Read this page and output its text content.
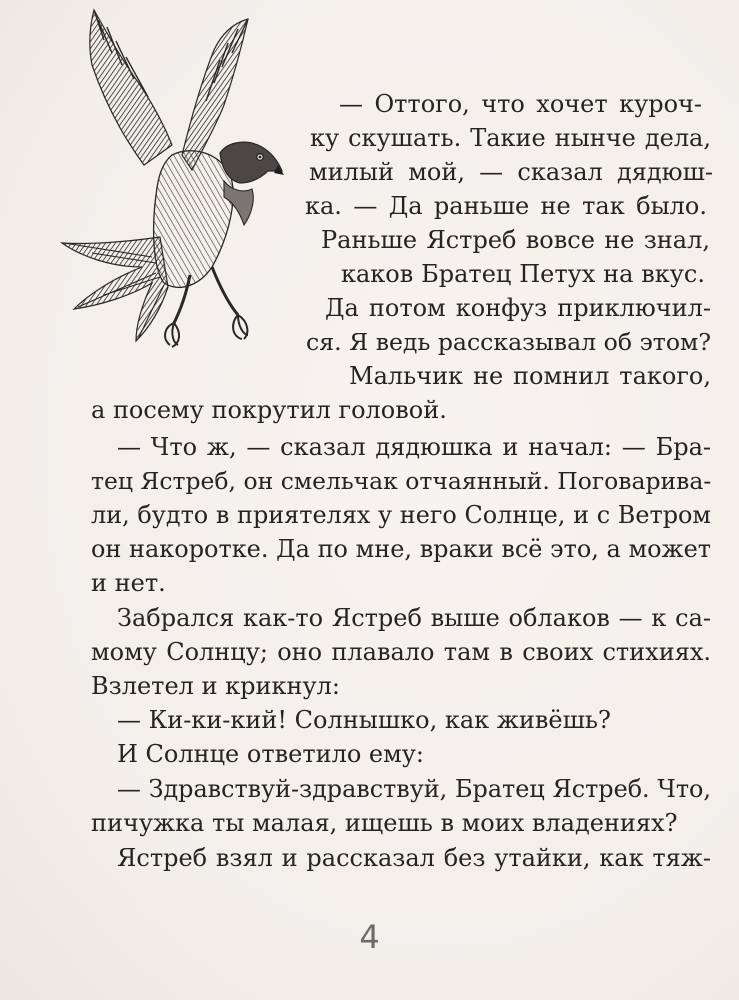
— Оттого, что хочет куроч-
ку скушать. Такие нынче дела,
милый мой, — сказал дядюш-
ка. — Да раньше не так было.
Раньше Ястреб вовсе не знал,
каков Братец Петух на вкус.
Да потом конфуз приключил-
ся. Я ведь рассказывал об этом?
Мальчик не помнил такого,
а посему покрутил головой.
— Что ж, — сказал дядюшка и начал: — Бра-
тец Ястреб, он смельчак отчаянный. Поговарива-
ли, будто в приятелях у него Солнце, и с Ветром
он накоротке. Да по мне, враки всё это, а может
и нет.
Забрался как-то Ястреб выше облаков — к са-
мому Солнцу; оно плавало там в своих стихиях.
Взлетел и крикнул:
— Ки-ки-кий! Солнышко, как живёшь?
И Солнце ответило ему:
— Здравствуй-здравствуй, Братец Ястреб. Что,
пичужка ты малая, ищешь в моих владениях?
Ястреб взял и рассказал без утайки, как тяж-
4
